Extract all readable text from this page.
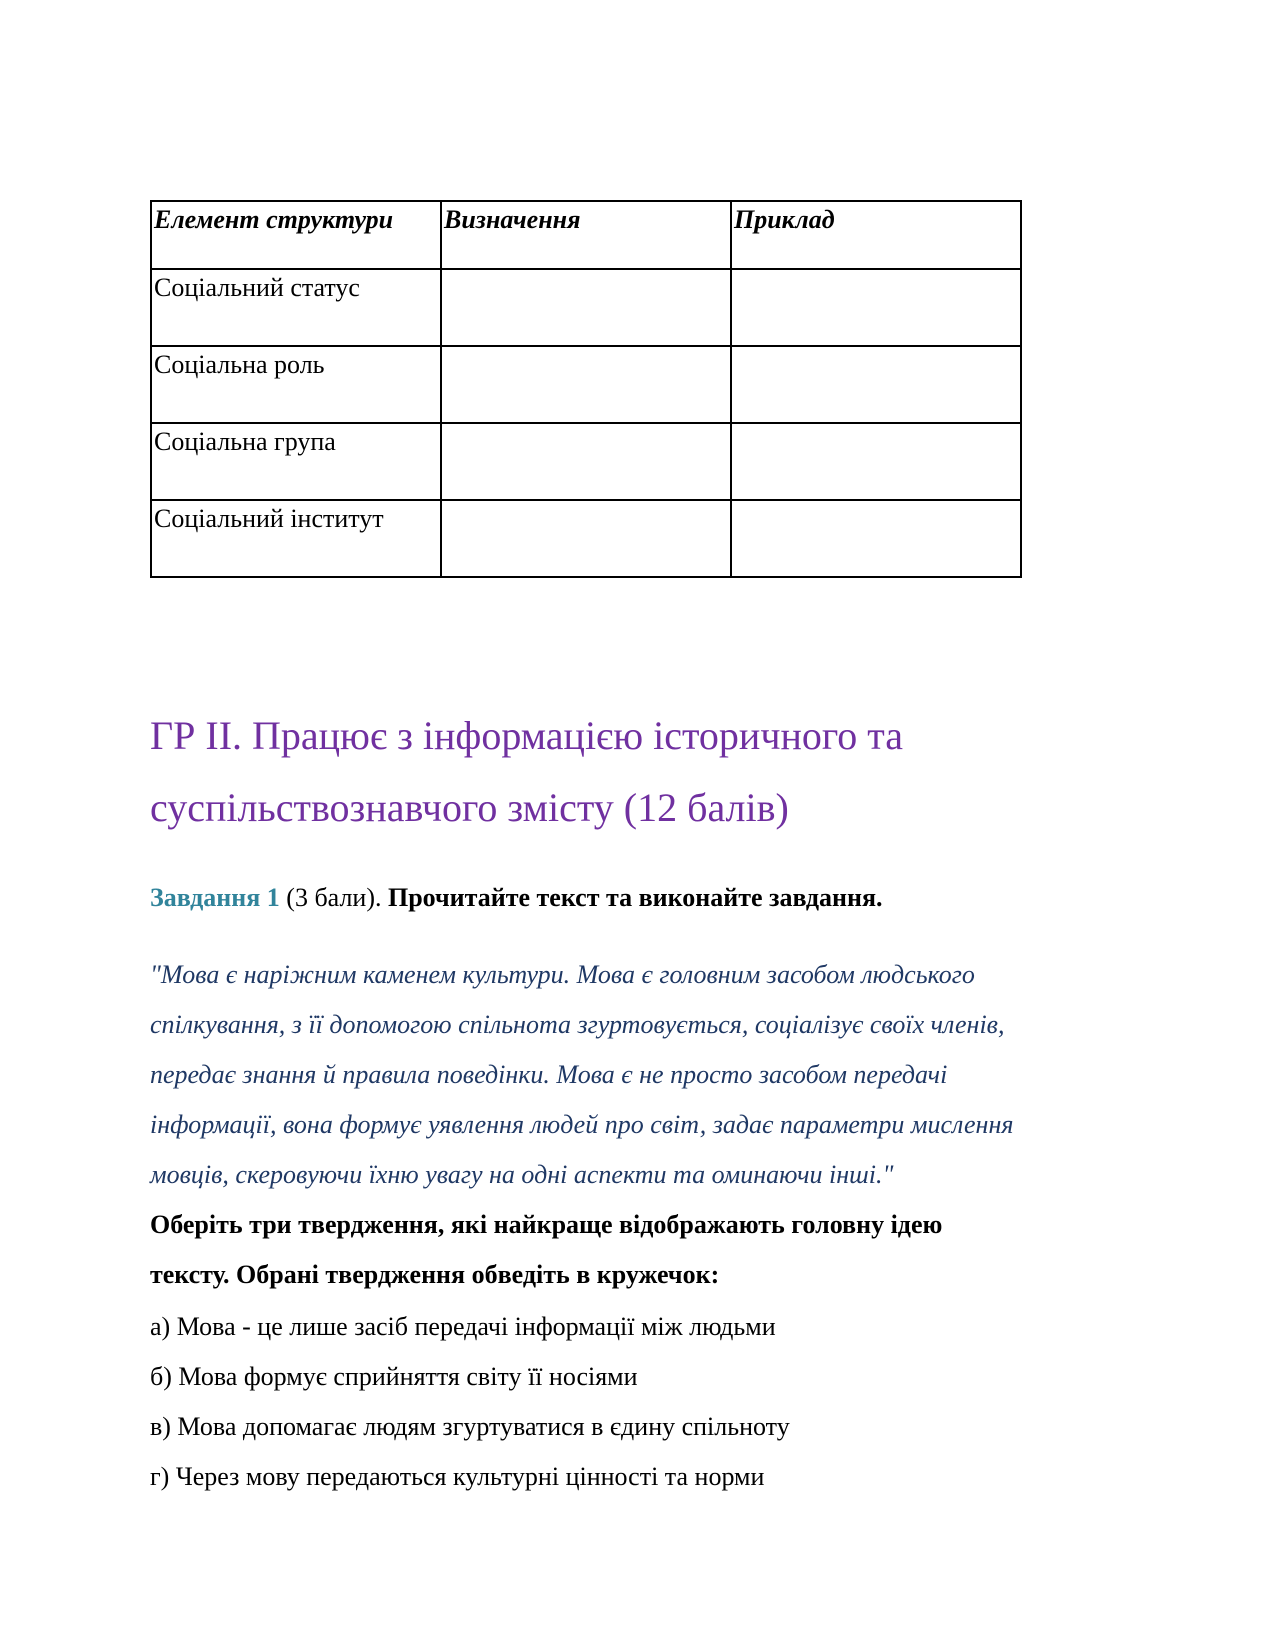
Елемент структури	Визначення	Приклад
Соціальний статус		
Соціальна роль		
Соціальна група		
Соціальний інститут		
ГР ІІ. Працює з інформацією історичного та
суспільствознавчого змісту (12 балів)
Завдання 1 (3 бали). Прочитайте текст та виконайте завдання.

"Мова є наріжним каменем культури. Мова є головним засобом людського
спілкування, з її допомогою спільнота згуртовується, соціалізує своїх членів,
передає знання й правила поведінки. Мова є не просто засобом передачі
інформації, вона формує уявлення людей про світ, задає параметри мислення
мовців, скеровуючи їхню увагу на одні аспекти та оминаючи інші."

Оберіть три твердження, які найкраще відображають головну ідею
тексту. Обрані твердження обведіть в кружечок:

а) Мова - це лише засіб передачі інформації між людьми
б) Мова формує сприйняття світу її носіями
в) Мова допомагає людям згуртуватися в єдину спільноту
г) Через мову передаються культурні цінності та норми
